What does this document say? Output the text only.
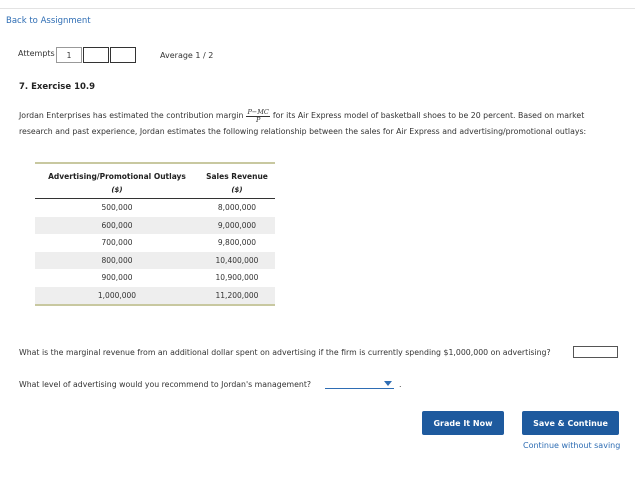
Back to Assignment
Attempts	1	Average 1 / 2
7. Exercise 10.9
Jordan Enterprises has estimated the contribution margin $\frac{P-MC}{P}$ for its Air Express model of basketball shoes to be 20 percent. Based on market research and past experience, Jordan estimates the following relationship between the sales for Air Express and advertising/promotional outlays:
Advertising/Promotional Outlays	Sales Revenue
($)	($)
500,000	8,000,000
600,000	9,000,000
700,000	9,800,000
800,000	10,400,000
900,000	10,900,000
1,000,000	11,200,000
What is the marginal revenue from an additional dollar spent on advertising if the firm is currently spending $1,000,000 on advertising?
What level of advertising would you recommend to Jordan's management?	.
Grade It Now	Save & Continue
Continue without saving
